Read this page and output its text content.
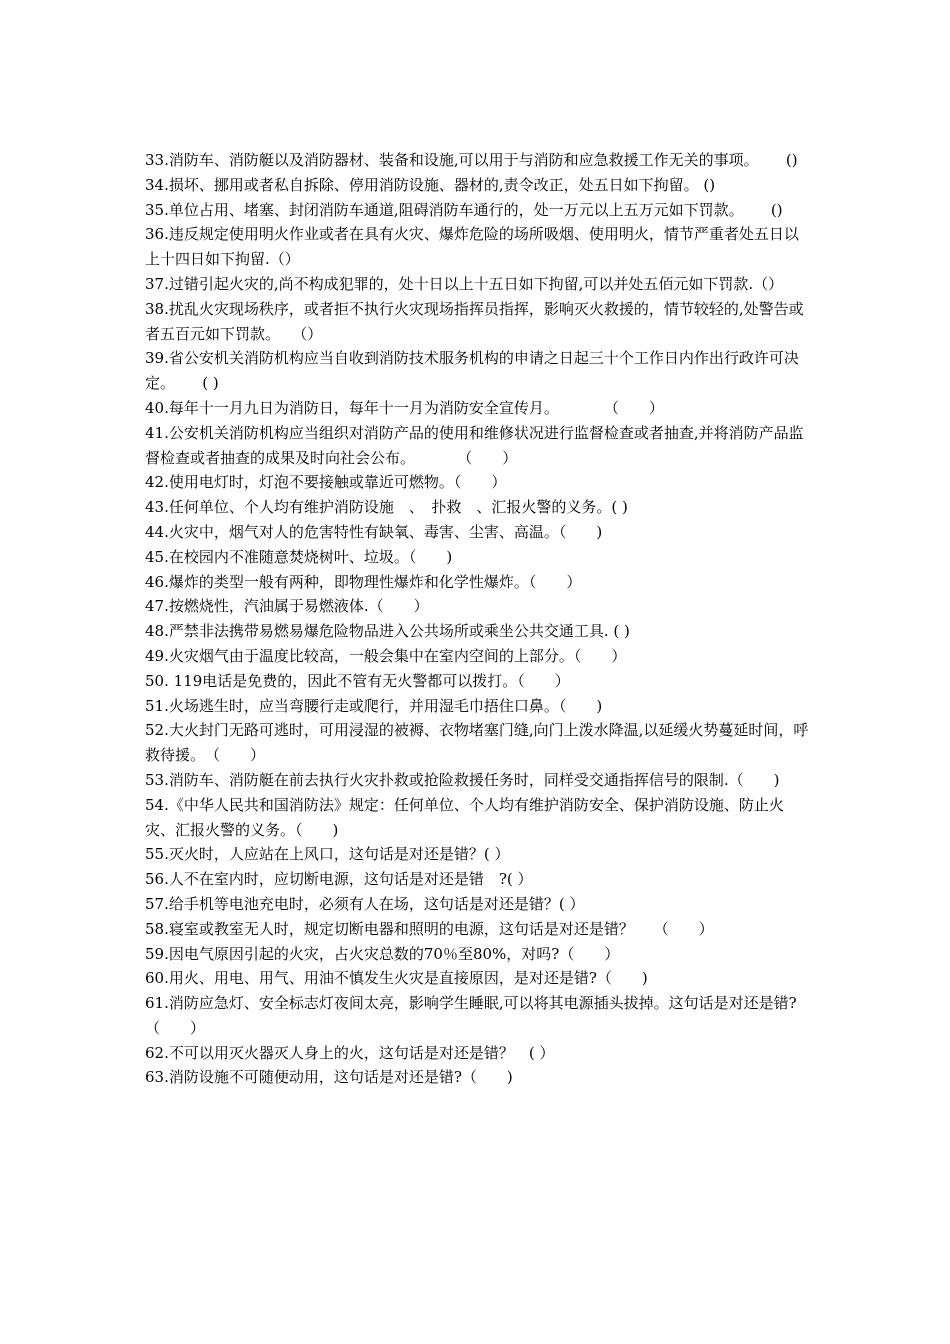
33.消防车、消防艇以及消防器材、装备和设施,可以用于与消防和应急救援工作无关的事项。　　 ()

34.损坏、挪用或者私自拆除、停用消防设施、器材的,责令改正，处五日如下拘留。 ()

35.单位占用、堵塞、封闭消防车通道,阻碍消防车通行的，处一万元以上五万元如下罚款。　　 ()

36.违反规定使用明火作业或者在具有火灾、爆炸危险的场所吸烟、使用明火，情节严重者处五日以上十四日如下拘留.（）

37.过错引起火灾的,尚不构成犯罪的，处十日以上十五日如下拘留,可以并处五佰元如下罚款.（）

38.扰乱火灾现场秩序，或者拒不执行火灾现场指挥员指挥，影响灭火救援的，情节较轻的,处警告或者五百元如下罚款。　 （）

39.省公安机关消防机构应当自收到消防技术服务机构的申请之日起三十个工作日内作出行政许可决定。　　 ( )

40.每年十一月九日为消防日，每年十一月为消防安全宣传月。　　　　（　　）

41.公安机关消防机构应当组织对消防产品的使用和维修状况进行监督检查或者抽查,并将消防产品监督检查或者抽查的成果及时向社会公布。　　　 （　　）

42.使用电灯时，灯泡不要接触或靠近可燃物。（　　）

43.任何单位、个人均有维护消防设施　、　扑救　、汇报火警的义务。( )

44.火灾中，烟气对人的危害特性有缺氧、毒害、尘害、高温。（　　)

45.在校园内不准随意焚烧树叶、垃圾。（　　)

46.爆炸的类型一般有两种，即物理性爆炸和化学性爆炸。（　　）

47.按燃烧性，汽油属于易燃液体.（　　）

48.严禁非法携带易燃易爆危险物品进入公共场所或乘坐公共交通工具. ( )

49.火灾烟气由于温度比较高，一般会集中在室内空间的上部分。（　　）

50. 119电话是免费的，因此不管有无火警都可以拨打。（　　）

51.火场逃生时，应当弯腰行走或爬行，并用湿毛巾捂住口鼻。（　　)

52.大火封门无路可逃时，可用浸湿的被褥、衣物堵塞门缝,向门上泼水降温,以延缓火势蔓延时间，呼救待援。　（　　）

53.消防车、消防艇在前去执行火灾扑救或抢险救援任务时，同样受交通指挥信号的限制.（　　)

54.《中华人民共和国消防法》规定：任何单位、个人均有维护消防安全、保护消防设施、防止火灾、汇报火警的义务。（　　)

55.灭火时，人应站在上风口，这句话是对还是错？( ）

56.人不在室内时，应切断电源，这句话是对还是错　?( ）

57.给手机等电池充电时，必须有人在场，这句话是对还是错？( ）

58.寝室或教室无人时，规定切断电器和照明的电源，这句话是对还是错？　 （　　）

59.因电气原因引起的火灾，占火灾总数的70％至80%，对吗?（　　）

60.用火、用电、用气、用油不慎发生火灾是直接原因，是对还是错?（　　)

61.消防应急灯、安全标志灯夜间太亮，影响学生睡眠,可以将其电源插头拔掉。这句话是对还是错?（　　）

62.不可以用灭火器灭人身上的火，这句话是对还是错？　( ）

63.消防设施不可随便动用，这句话是对还是错?（　　)
